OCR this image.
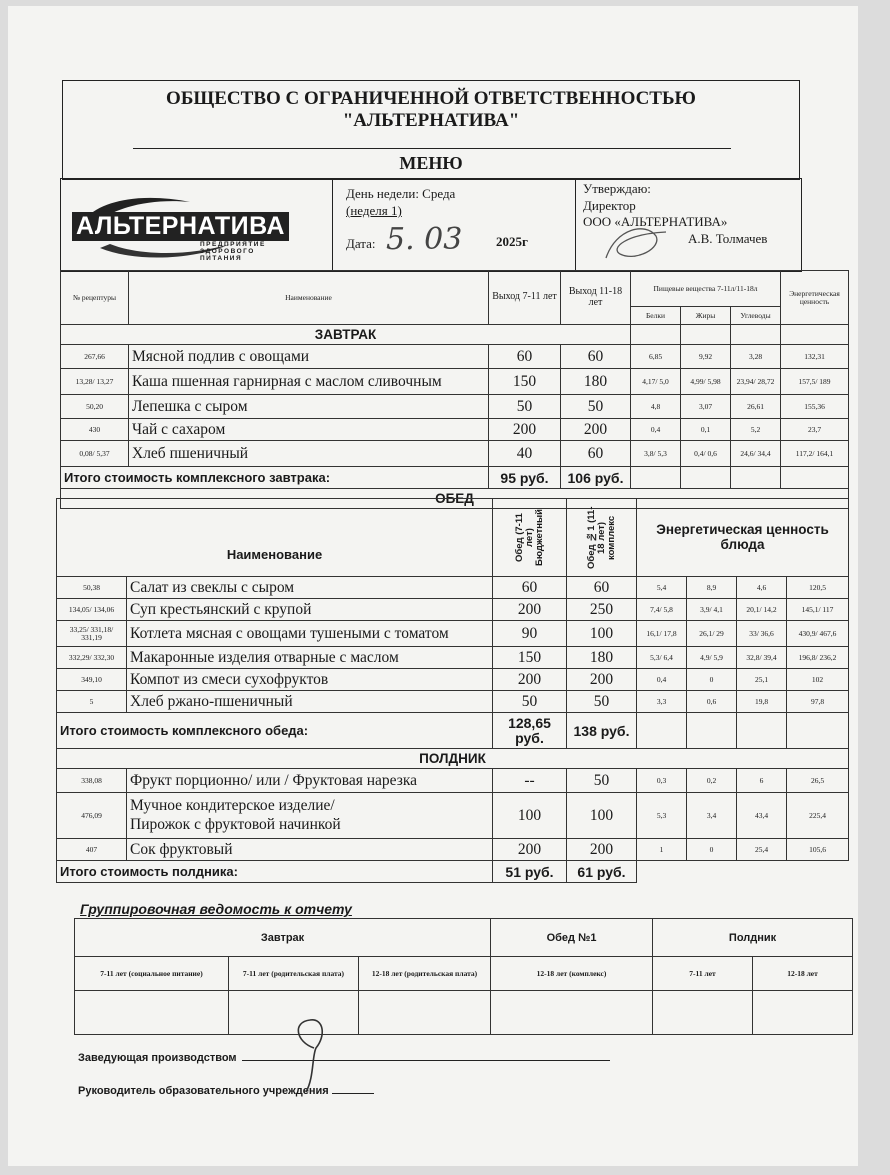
ОБЩЕСТВО С ОГРАНИЧЕННОЙ ОТВЕТСТВЕННОСТЬЮ
"АЛЬТЕРНАТИВА"
МЕНЮ
АЛЬТЕРНАТИВА
ПРЕДПРИЯТИЕ
ЗДОРОВОГО
ПИТАНИЯ
День недели: Среда
(неделя 1)
Дата: 5. 03	2025г
Утверждаю:
Директор
ООО «АЛЬТЕРНАТИВА»
А.В. Толмачев
№ рецептуры	Наименование	Выход 7-11 лет	Выход 11-18 лет	Пищевые вещества 7-11л/11-18л			Энергетическая ценность
				Белки	Жиры	Углеводы	
ЗАВТРАК							
267,66	Мясной подлив с овощами	60	60	6,85	9,92	3,28	132,31
13,28/ 13,27	Каша пшенная гарнирная с маслом сливочным	150	180	4,17/ 5,0	4,99/ 5,98	23,94/ 28,72	157,5/ 189
50,20	Лепешка с сыром	50	50	4,8	3,07	26,61	155,36
430	Чай с сахаром	200	200	0,4	0,1	5,2	23,7
0,08/ 5,37	Хлеб пшеничный	40	60	3,8/ 5,3	0,4/ 0,6	24,6/ 34,4	117,2/ 164,1
Итого стоимость комплексного завтрака:		95 руб.	106 руб.				
ОБЕД							
Наименование		Обед (7-11 лет) Бюджетный	Обед №1 (11-18 лет) комплекс	Энергетическая ценность блюда			
50,38	Салат из свеклы с сыром	60	60	5,4	8,9	4,6	120,5
134,05/ 134,06	Суп крестьянский с крупой	200	250	7,4/ 5,8	3,9/ 4,1	20,1/ 14,2	145,1/ 117
33,25/ 331,18/ 331,19	Котлета мясная с овощами тушеными с томатом	90	100	16,1/ 17,8	26,1/ 29	33/ 36,6	430,9/ 467,6
332,29/ 332,30	Макаронные изделия отварные с маслом	150	180	5,3/ 6,4	4,9/ 5,9	32,8/ 39,4	196,8/ 236,2
349,10	Компот из смеси сухофруктов	200	200	0,4	0	25,1	102
5	Хлеб ржано-пшеничный	50	50	3,3	0,6	19,8	97,8
Итого стоимость комплексного обеда:		128,65 руб.	138 руб.				
ПОЛДНИК							
338,08	Фрукт порционно/ или / Фруктовая нарезка	--	50	0,3	0,2	6	26,5
476,09	Мучное кондитерское изделие/
Пирожок с фруктовой начинкой	100	100	5,3	3,4	43,4	225,4
407	Сок фруктовый	200	200	1	0	25,4	105,6
Итого стоимость полдника:		51 руб.	61 руб.				
Группировочная ведомость к отчету
Завтрак			Обед №1	Полдник	
7-11 лет (социальное питание)	7-11 лет (родительская плата)	12-18 лет (родительская плата)	12-18 лет (комплекс)	7-11 лет	12-18 лет

Заведующая производством
Руководитель образовательного учреждения
